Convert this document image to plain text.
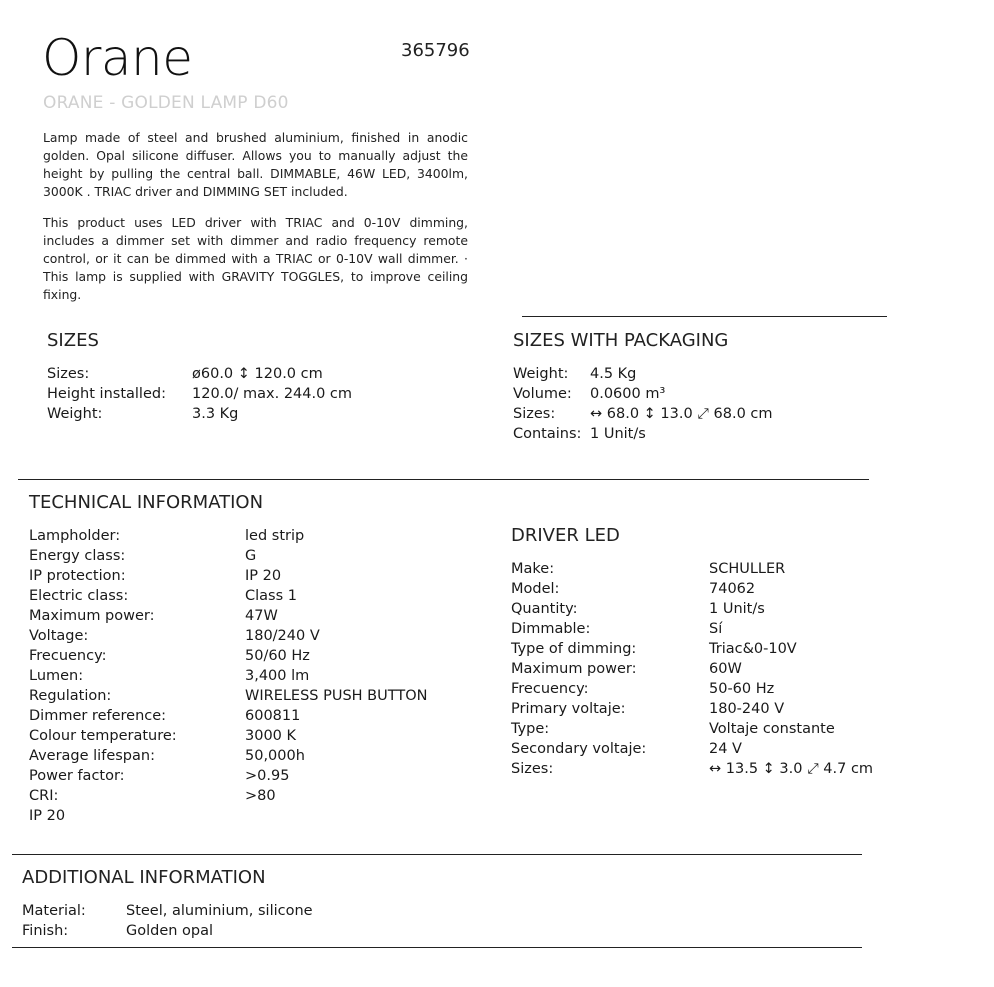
Orane	365796
ORANE - GOLDEN LAMP D60

Lamp made of steel and brushed aluminium, finished in anodic golden. Opal silicone diffuser. Allows you to manually adjust the height by pulling the central ball. DIMMABLE, 46W LED, 3400lm, 3000K . TRIAC driver and DIMMING SET included.

This product uses LED driver with TRIAC and 0-10V dimming, includes a dimmer set with dimmer and radio frequency remote control, or it can be dimmed with a TRIAC or 0-10V wall dimmer. · This lamp is supplied with GRAVITY TOGGLES, to improve ceiling fixing.

SIZES
Sizes:	ø60.0 ↕ 120.0 cm
Height installed: 120.0/ max. 244.0 cm
Weight:	3.3 Kg
SIZES WITH PACKAGING
Weight: 4.5 Kg
Volume: 0.0600 m³
Sizes: ↔ 68.0 ↕ 13.0 ⤢ 68.0 cm
Contains: 1 Unit/s
TECHNICAL INFORMATION
Lampholder:	led strip
Energy class:	G
IP protection:	IP 20
Electric class:	Class 1
Maximum power:	47W
Voltage:	180/240 V
Frecuency:	50/60 Hz
Lumen:	3,400 lm
Regulation:	WIRELESS PUSH BUTTON
Dimmer reference:	600811
Colour temperature:	3000 K
Average lifespan:	50,000h
Power factor:	>0.95
CRI:	>80
IP 20
DRIVER LED
Make:	SCHULLER
Model:	74062
Quantity:	1 Unit/s
Dimmable:	Sí
Type of dimming:	Triac&0-10V
Maximum power:	60W
Frecuency:	50-60 Hz
Primary voltaje:	180-240 V
Type:	Voltaje constante
Secondary voltaje:	24 V
Sizes:	↔ 13.5 ↕ 3.0 ⤢ 4.7 cm
ADDITIONAL INFORMATION
Material:	Steel, aluminium, silicone
Finish:	Golden opal
